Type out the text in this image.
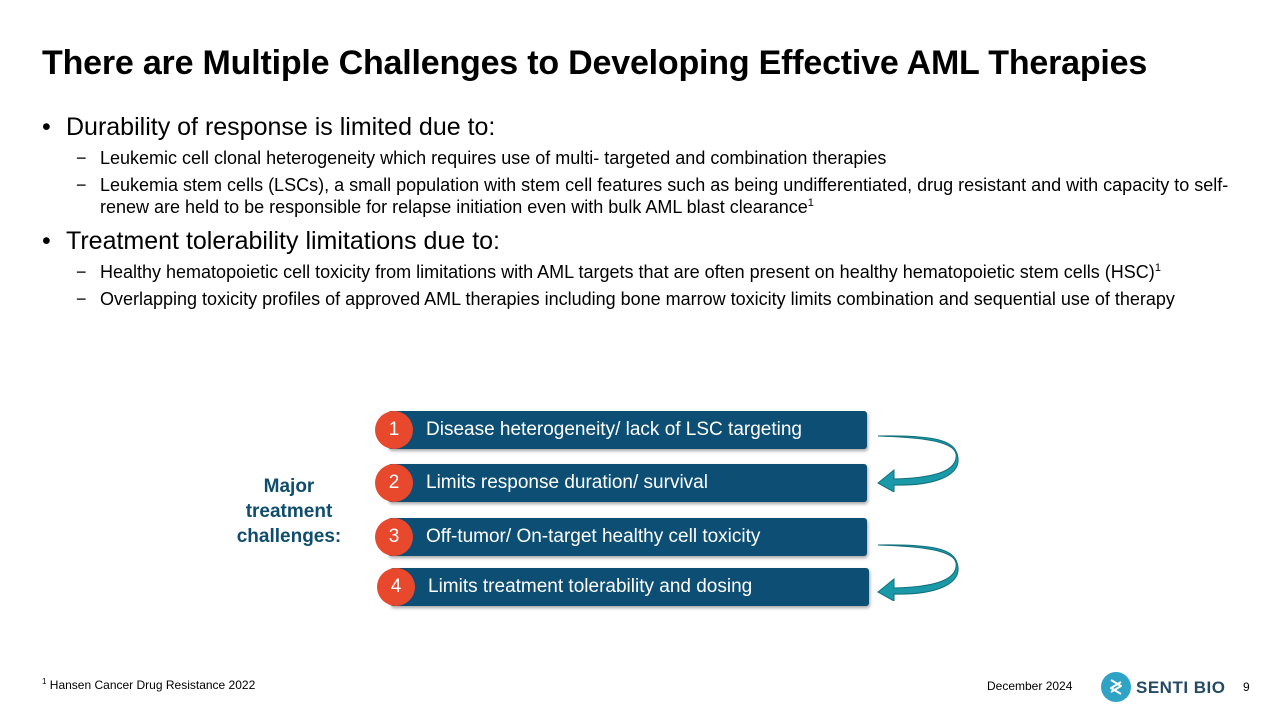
There are Multiple Challenges to Developing Effective AML Therapies
• Durability of response is limited due to:
− Leukemic cell clonal heterogeneity which requires use of multi- targeted and combination therapies
− Leukemia stem cells (LSCs), a small population with stem cell features such as being undifferentiated, drug resistant and with capacity to self-renew are held to be responsible for relapse initiation even with bulk AML blast clearance$^1$
• Treatment tolerability limitations due to:
− Healthy hematopoietic cell toxicity from limitations with AML targets that are often present on healthy hematopoietic stem cells (HSC)$^1$
− Overlapping toxicity profiles of approved AML therapies including bone marrow toxicity limits combination and sequential use of therapy
Major treatment challenges:
Disease heterogeneity/ lack of LSC targeting
1
Limits response duration/ survival
2
Off-tumor/ On-target healthy cell toxicity
3
Limits treatment tolerability and dosing
4
$^1$ Hansen Cancer Drug Resistance 2022	December 2024	SENTI BIO 9
